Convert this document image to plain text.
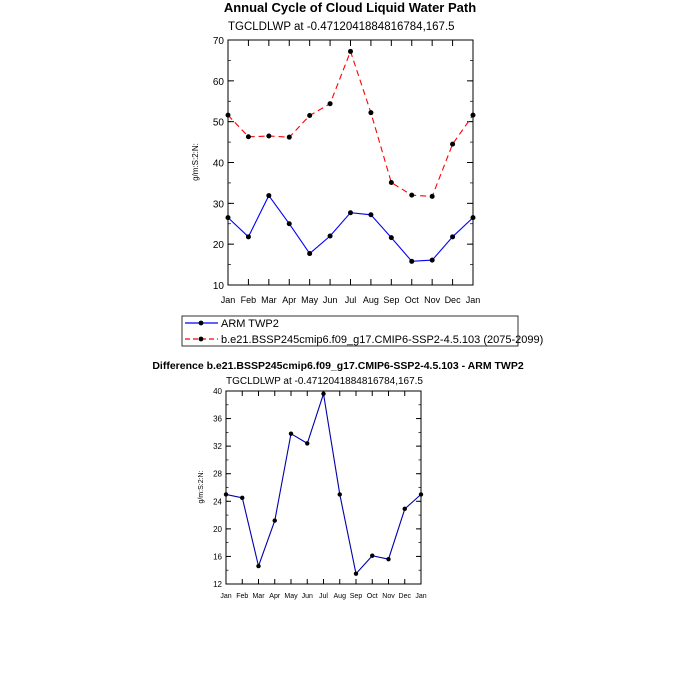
Annual Cycle of Cloud Liquid Water Path
TGCLDLWP at -0.4712041884816784,167.5
10
20
30
40
50
60
70
Jan Feb Mar Apr May Jun Jul Aug Sep Oct Nov Dec Jan
g/m:S:2:N:
ARM TWP2
b.e21.BSSP245cmip6.f09_g17.CMIP6-SSP2-4.5.103 (2075-2099)
Difference b.e21.BSSP245cmip6.f09_g17.CMIP6-SSP2-4.5.103 - ARM TWP2
TGCLDLWP at -0.4712041884816784,167.5
12
16
20
24
28
32
36
40
Jan Feb Mar Apr May Jun Jul Aug Sep Oct Nov Dec Jan
g/m:S:2:N:
